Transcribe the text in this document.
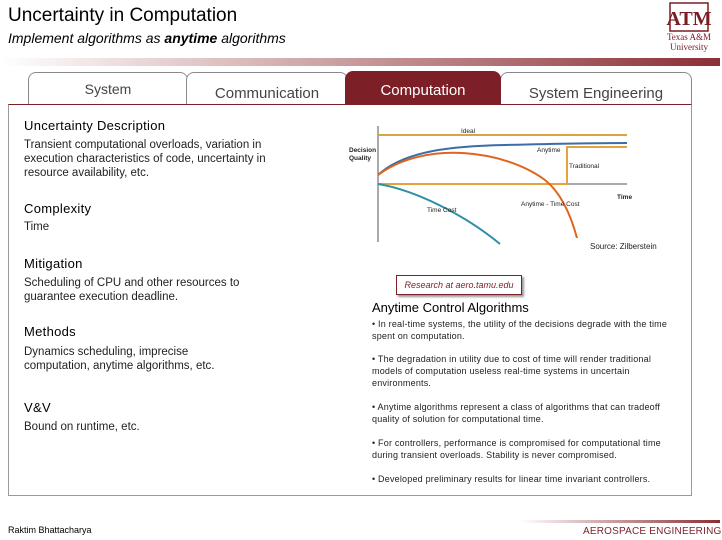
Uncertainty in Computation
Implement algorithms as anytime algorithms
ATM
Texas A&M
University
System	Communication	System Engineering
Computation
Uncertainty Description
Transient computational overloads, variation in execution characteristics of code, uncertainty in resource availability, etc.
Complexity
Time
Mitigation
Scheduling of CPU and other resources to guarantee execution deadline.
Methods
Dynamics scheduling, imprecise computation, anytime algorithms, etc.
V&V
Bound on runtime, etc.
Decision
Quality
Ideal
Anytime
Traditional
Time
Time Cost
Anytime - Time Cost
Source: Zilberstein
Research at aero.tamu.edu
Anytime Control Algorithms
• In real-time systems, the utility of the decisions degrade with the time spent on computation.
• The degradation in utility due to cost of time will render traditional models of computation useless real-time systems in uncertain environments.
• Anytime algorithms represent a class of algorithms that can tradeoff quality of solution for computational time.
• For controllers, performance is compromised for computational time during transient overloads. Stability is never compromised.
• Developed preliminary results for linear time invariant controllers.
Raktim Bhattacharya	AEROSPACE ENGINEERING
